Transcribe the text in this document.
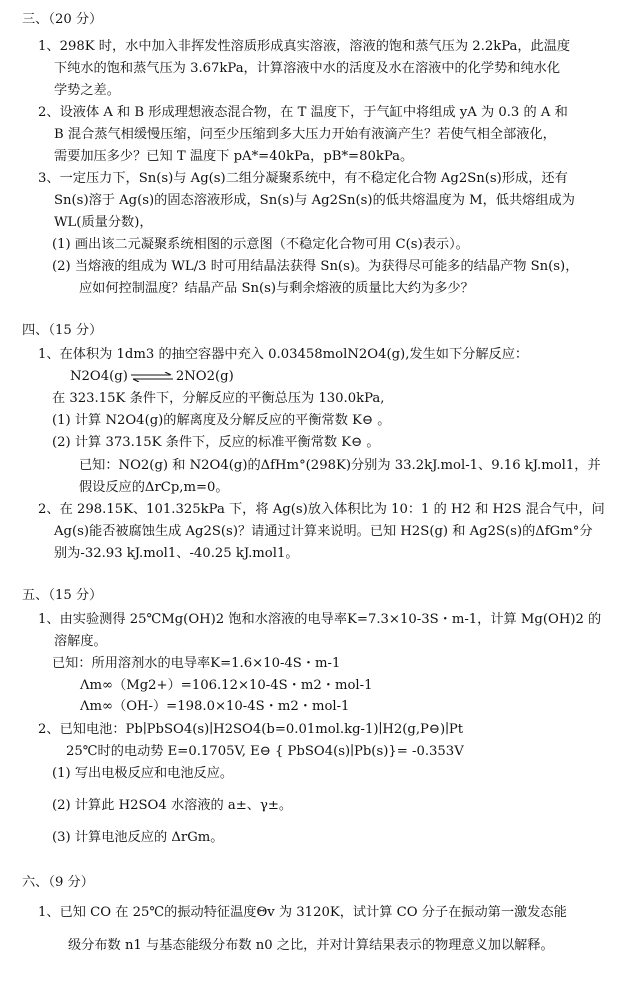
三、（20 分）
1、298K 时，水中加入非挥发性溶质形成真实溶液，溶液的饱和蒸气压为 2.2kPa，此温度
下纯水的饱和蒸气压为 3.67kPa，计算溶液中水的活度及水在溶液中的化学势和纯水化
学势之差。
2、设液体 A 和 B 形成理想液态混合物，在 T 温度下，于气缸中将组成 yA 为 0.3 的 A 和
B 混合蒸气相缓慢压缩，问至少压缩到多大压力开始有液滴产生？若使气相全部液化，
需要加压多少？已知 T 温度下 pA*=40kPa，pB*=80kPa。
3、一定压力下，Sn(s)与 Ag(s)二组分凝聚系统中，有不稳定化合物 Ag2Sn(s)形成，还有
Sn(s)溶于 Ag(s)的固态溶液形成，Sn(s)与 Ag2Sn(s)的低共熔温度为 M，低共熔组成为
WL(质量分数)，
(1) 画出该二元凝聚系统相图的示意图（不稳定化合物可用 C(s)表示）。
(2) 当熔液的组成为 WL/3 时可用结晶法获得 Sn(s)。为获得尽可能多的结晶产物 Sn(s)，
应如何控制温度？结晶产品 Sn(s)与剩余熔液的质量比大约为多少？
四、（15 分）
1、在体积为 1dm3 的抽空容器中充入 0.03458molN2O4(g),发生如下分解反应：
N2O4(g) ⇌ 2NO2(g)
在 323.15K 条件下，分解反应的平衡总压为 130.0kPa,
(1) 计算 N2O4(g)的解离度及分解反应的平衡常数 K⊖ 。
(2) 计算 373.15K 条件下，反应的标准平衡常数 K⊖ 。
已知：NO2(g) 和 N2O4(g)的ΔfHm°(298K)分别为 33.2kJ.mol-1、9.16 kJ.mol1，并
假设反应的ΔrCp,m=0。
2、在 298.15K、101.325kPa 下，将 Ag(s)放入体积比为 10：1 的 H2 和 H2S 混合气中，问
Ag(s)能否被腐蚀生成 Ag2S(s)？请通过计算来说明。已知 H2S(g) 和 Ag2S(s)的ΔfGm°分
别为-32.93 kJ.mol1、-40.25 kJ.mol1。
五、（15 分）
1、由实验测得 25℃Mg(OH)2 饱和水溶液的电导率Κ=7.3×10-3S・m-1，计算 Mg(OH)2 的
溶解度。
已知：所用溶剂水的电导率Κ=1.6×10-4S・m-1
Λm∞（Mg2+）=106.12×10-4S・m2・mol-1
Λm∞（OH-）=198.0×10-4S・m2・mol-1
2、已知电池：Pb∣PbSO4(s)∣H2SO4(b=0.01mol.kg-1)∣H2(g,P⊖)∣Pt
25℃时的电动势 E=0.1705V, E⊖ { PbSO4(s)∣Pb(s)}= -0.353V
(1) 写出电极反应和电池反应。
(2) 计算此 H2SO4 水溶液的 a±、γ±。
(3) 计算电池反应的 ΔrGm。
六、（9 分）
1、已知 CO 在 25℃的振动特征温度Θv 为 3120K，试计算 CO 分子在振动第一激发态能
级分布数 n1 与基态能级分布数 n0 之比，并对计算结果表示的物理意义加以解释。
